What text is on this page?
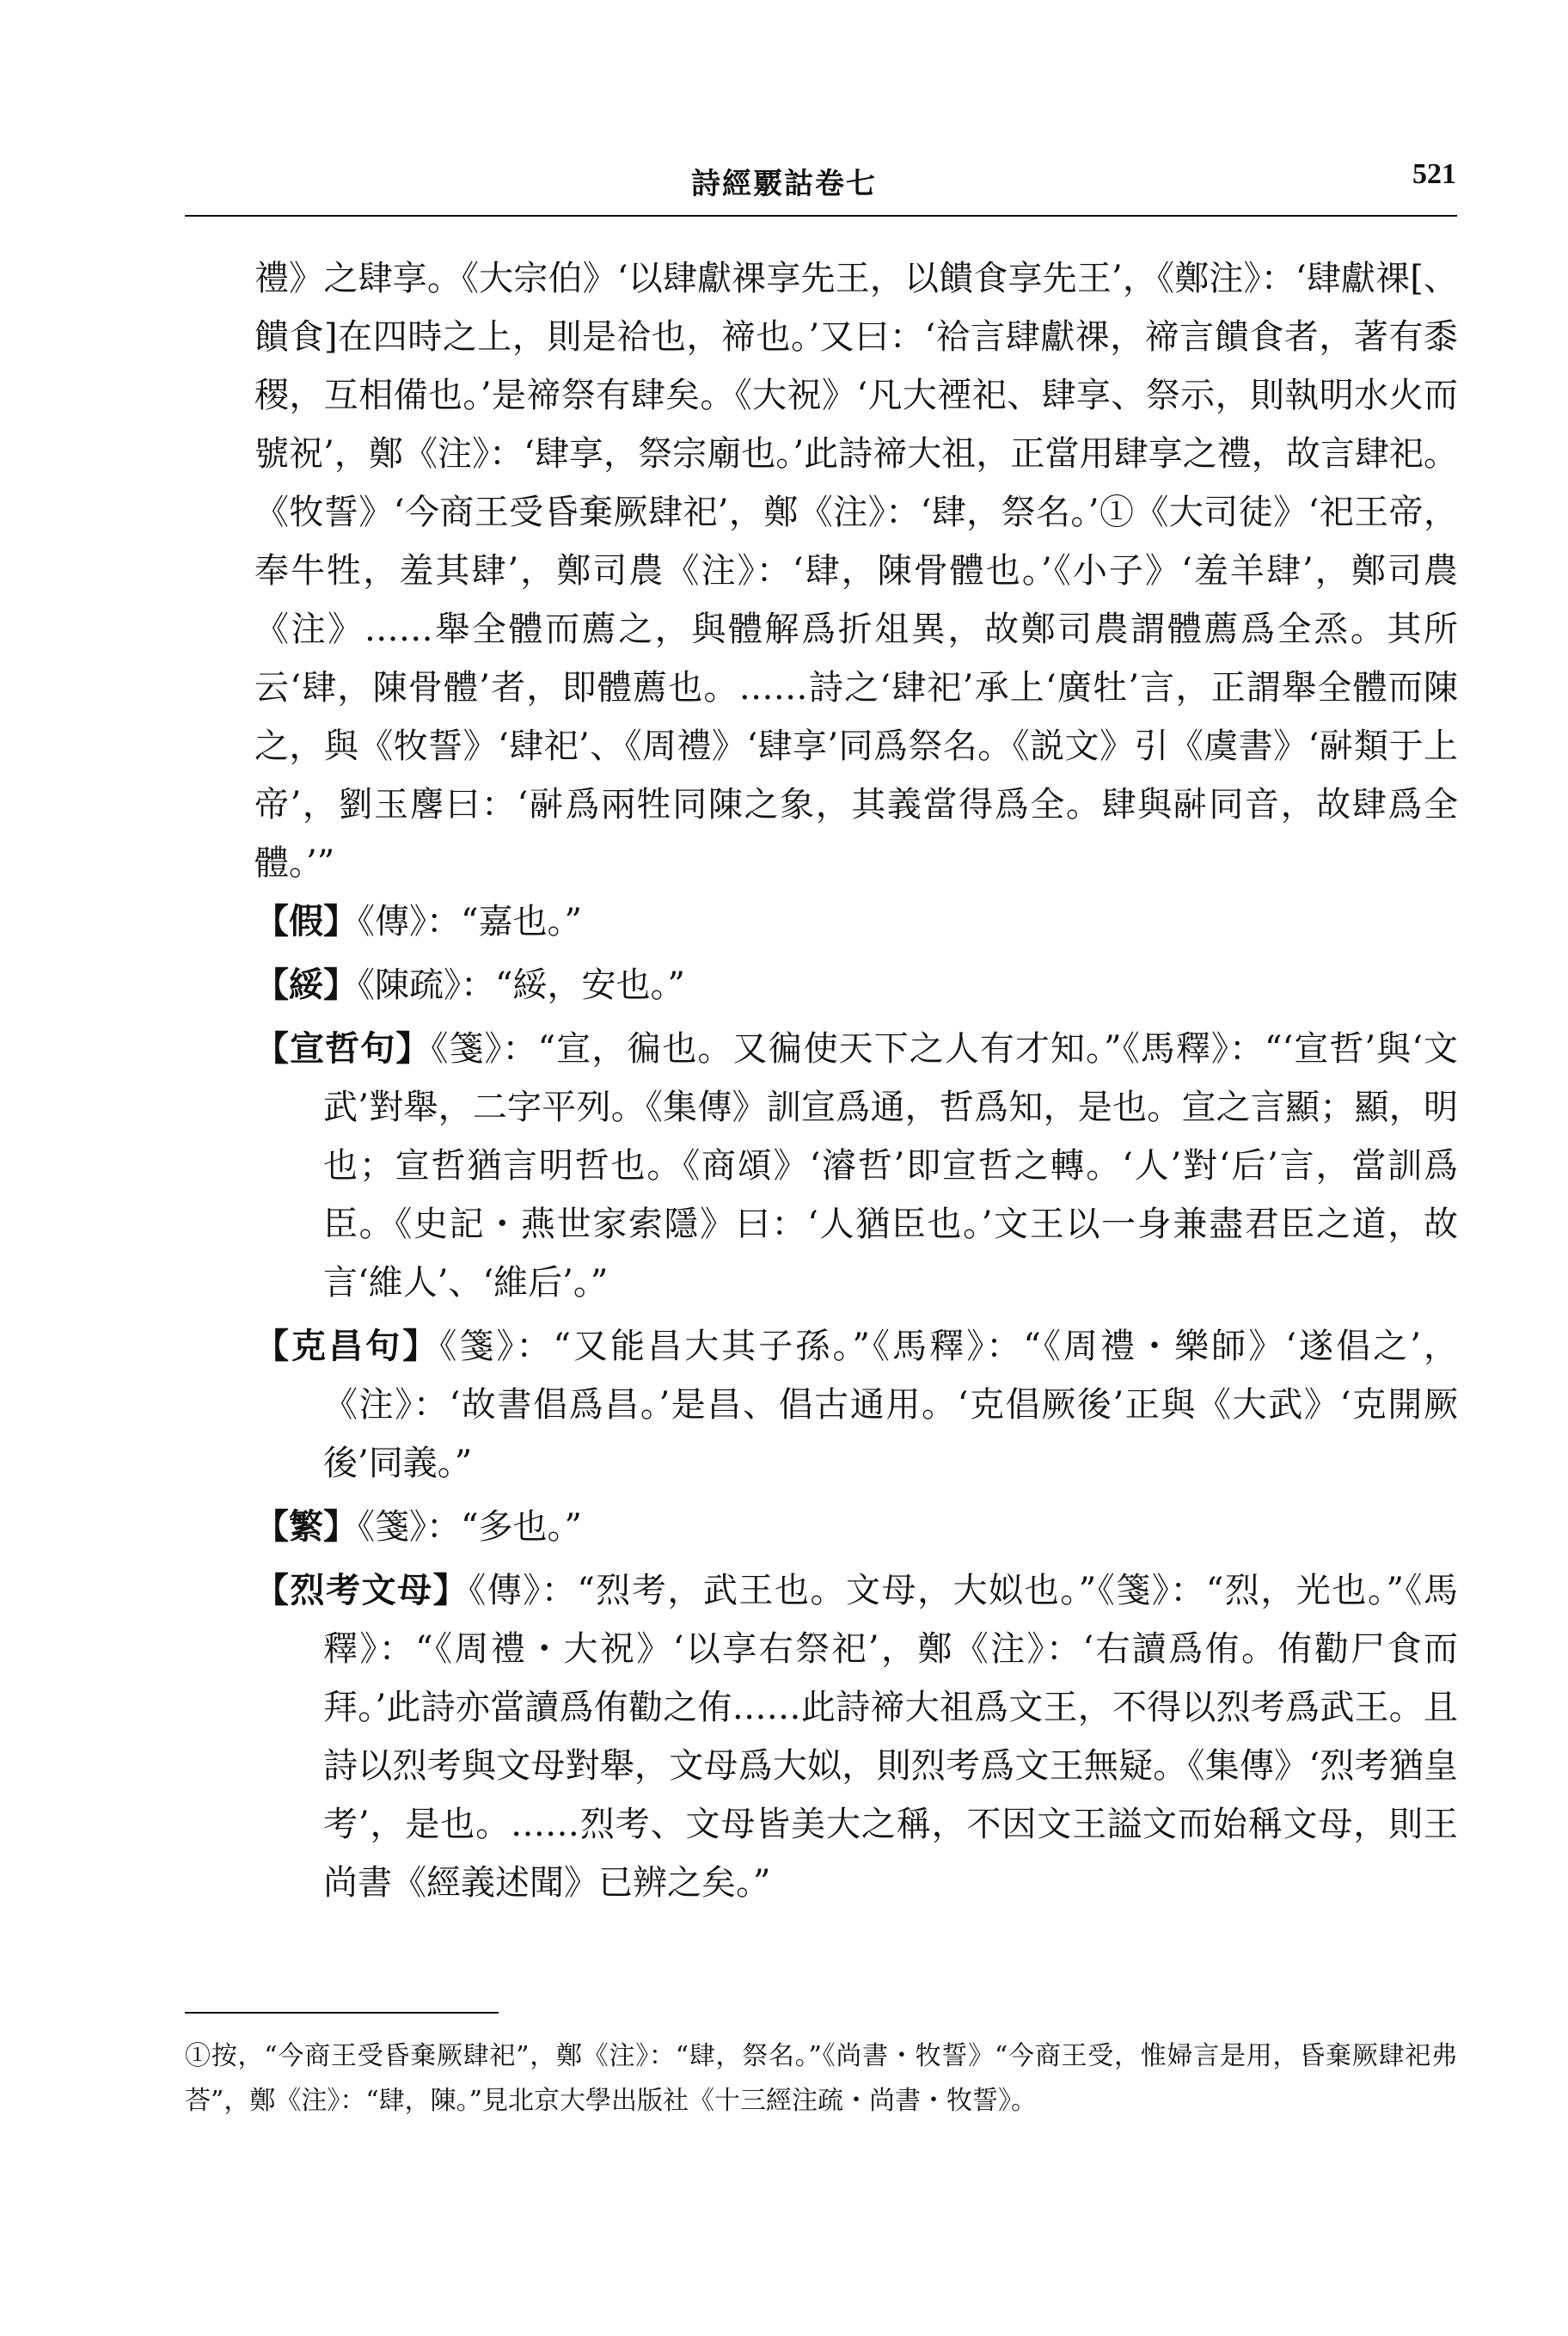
詩經覈詁卷七	521

禮》之肆享。《大宗伯》‘以肆獻祼享先王，以饋食享先王’，《鄭注》：‘肆獻祼[、饋食]在四時之上，則是祫也，禘也。’又曰：‘祫言肆獻祼，禘言饋食者，著有黍稷，互相備也。’是禘祭有肆矣。《大祝》‘凡大禋祀、肆享、祭示，則執明水火而號祝’，鄭《注》：‘肆享，祭宗廟也。’此詩禘大祖，正當用肆享之禮，故言肆祀。《牧誓》‘今商王受昏棄厥肆祀’，鄭《注》：‘肆，祭名。’①《大司徒》‘祀王帝，奉牛牲，羞其肆’，鄭司農《注》：‘肆，陳骨體也。’《小子》‘羞羊肆’，鄭司農《注》……舉全體而薦之，與體解爲折俎異，故鄭司農謂體薦爲全烝。其所云‘肆，陳骨體’者，即體薦也。……詩之‘肆祀’承上‘廣牡’言，正謂舉全體而陳之，與《牧誓》‘肆祀’、《周禮》‘肆享’同爲祭名。《説文》引《虞書》‘𩰫類于上帝’，劉玉麐曰：‘𩰫爲兩牲同陳之象，其義當得爲全。肆與𩰫同音，故肆爲全體。’”

【假】《傳》：“嘉也。”

【綏】《陳疏》：“綏，安也。”

【宣哲句】《箋》：“宣，徧也。又徧使天下之人有才知。”《馬釋》：“‘宣哲’與‘文武’對舉，二字平列。《集傳》訓宣爲通，哲爲知，是也。宣之言顯；顯，明也；宣哲猶言明哲也。《商頌》‘濬哲’即宣哲之轉。‘人’對‘后’言，當訓爲臣。《史記・燕世家索隱》曰：‘人猶臣也。’文王以一身兼盡君臣之道，故言‘維人’、‘維后’。”

【克昌句】《箋》：“又能昌大其子孫。”《馬釋》：“《周禮・樂師》‘遂倡之’，《注》：‘故書倡爲昌。’是昌、倡古通用。‘克倡厥後’正與《大武》‘克開厥後’同義。”

【繁】《箋》：“多也。”

【烈考文母】《傳》：“烈考，武王也。文母，大姒也。”《箋》：“烈，光也。”《馬釋》：“《周禮・大祝》‘以享右祭祀’，鄭《注》：‘右讀爲侑。侑勸尸食而拜。’此詩亦當讀爲侑勸之侑……此詩禘大祖爲文王，不得以烈考爲武王。且詩以烈考與文母對舉，文母爲大姒，則烈考爲文王無疑。《集傳》‘烈考猶皇考’，是也。……烈考、文母皆美大之稱，不因文王謚文而始稱文母，則王尚書《經義述聞》已辨之矣。”

①按，“今商王受昏棄厥肆祀”，鄭《注》：“肆，祭名。”《尚書・牧誓》“今商王受，惟婦言是用，昏棄厥肆祀弗荅”，鄭《注》：“肆，陳。”見北京大學出版社《十三經注疏・尚書・牧誓》。
